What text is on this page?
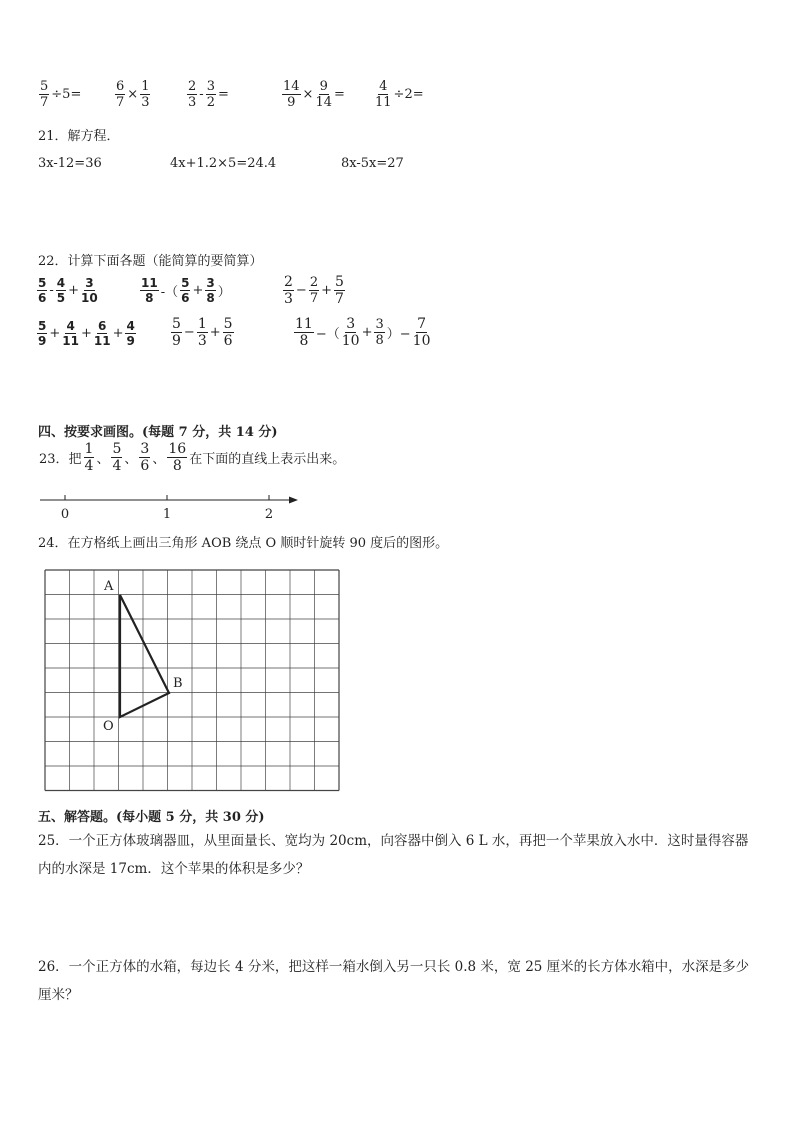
$\frac{5}{7} \div 5=$	$\frac{6}{7} \times \frac{1}{3}$	$\frac{2}{3} - \frac{3}{2}$ =	$\frac{14}{9} \times \frac{9}{14} = \frac{4}{11} \div 2=$
21．解方程．
3x-12=36	4x+1.2×5=24.4	8x-5x=27
22．计算下面各题（能简算的要简算）
$\frac{5}{6} - \frac{4}{5} + \frac{3}{10}$	$\frac{11}{8}$ -（ $\frac{5}{6} + \frac{3}{8}$ ）	$\frac{2}{3} - \frac{2}{7} + \frac{5}{7}$
$\frac{5}{9} + \frac{4}{11} + \frac{6}{11} + \frac{4}{9}$	$\frac{5}{9} - \frac{1}{3} + \frac{5}{6}$	$\frac{11}{8}$ −（ $\frac{3}{10} + \frac{3}{8}$ ）− $\frac{7}{10}$
四、按要求画图。(每题 7 分，共 14 分)
23．把 $\frac{1}{4}$ 、 $\frac{5}{4}$ 、 $\frac{3}{6}$ 、 $\frac{16}{8}$ 在下面的直线上表示出来。
0	1	2
24．在方格纸上画出三角形 AOB 绕点 O 顺时针旋转 90 度后的图形。
A
B
O
五、解答题。(每小题 5 分，共 30 分)
25．一个正方体玻璃器皿，从里面量长、宽均为 20cm，向容器中倒入 6 L 水，再把一个苹果放入水中．这时量得容器内的水深是 17cm．这个苹果的体积是多少？
26．一个正方体的水箱，每边长 4 分米，把这样一箱水倒入另一只长 0.8 米，宽 25 厘米的长方体水箱中，水深是多少厘米？
